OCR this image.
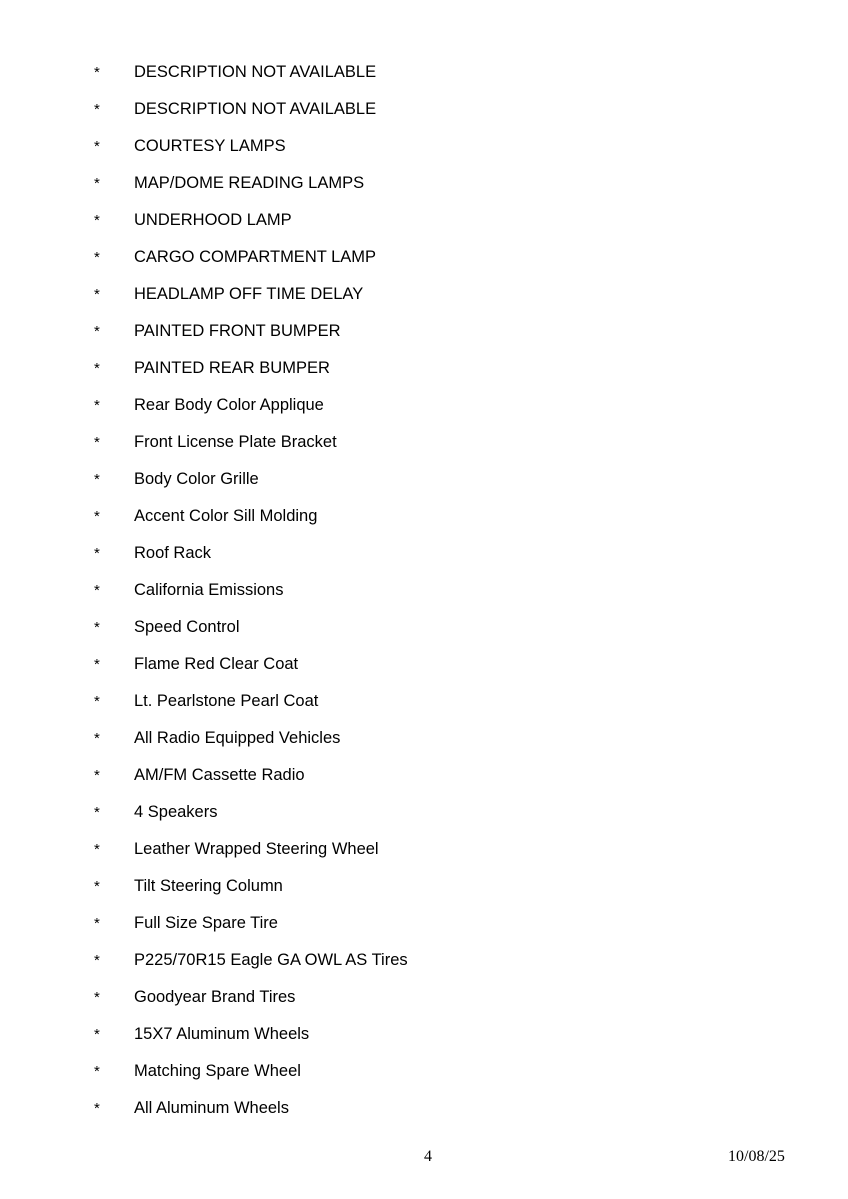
* DESCRIPTION NOT AVAILABLE
* DESCRIPTION NOT AVAILABLE
* COURTESY LAMPS
* MAP/DOME READING LAMPS
* UNDERHOOD LAMP
* CARGO COMPARTMENT LAMP
* HEADLAMP OFF TIME DELAY
* PAINTED FRONT BUMPER
* PAINTED REAR BUMPER
* Rear Body Color Applique
* Front License Plate Bracket
* Body Color Grille
* Accent Color Sill Molding
* Roof Rack
* California Emissions
* Speed Control
* Flame Red Clear Coat
* Lt. Pearlstone Pearl Coat
* All Radio Equipped Vehicles
* AM/FM Cassette Radio
* 4 Speakers
* Leather Wrapped Steering Wheel
* Tilt Steering Column
* Full Size Spare Tire
* P225/70R15 Eagle GA OWL AS Tires
* Goodyear Brand Tires
* 15X7 Aluminum Wheels
* Matching Spare Wheel
* All Aluminum Wheels
4	10/08/25
